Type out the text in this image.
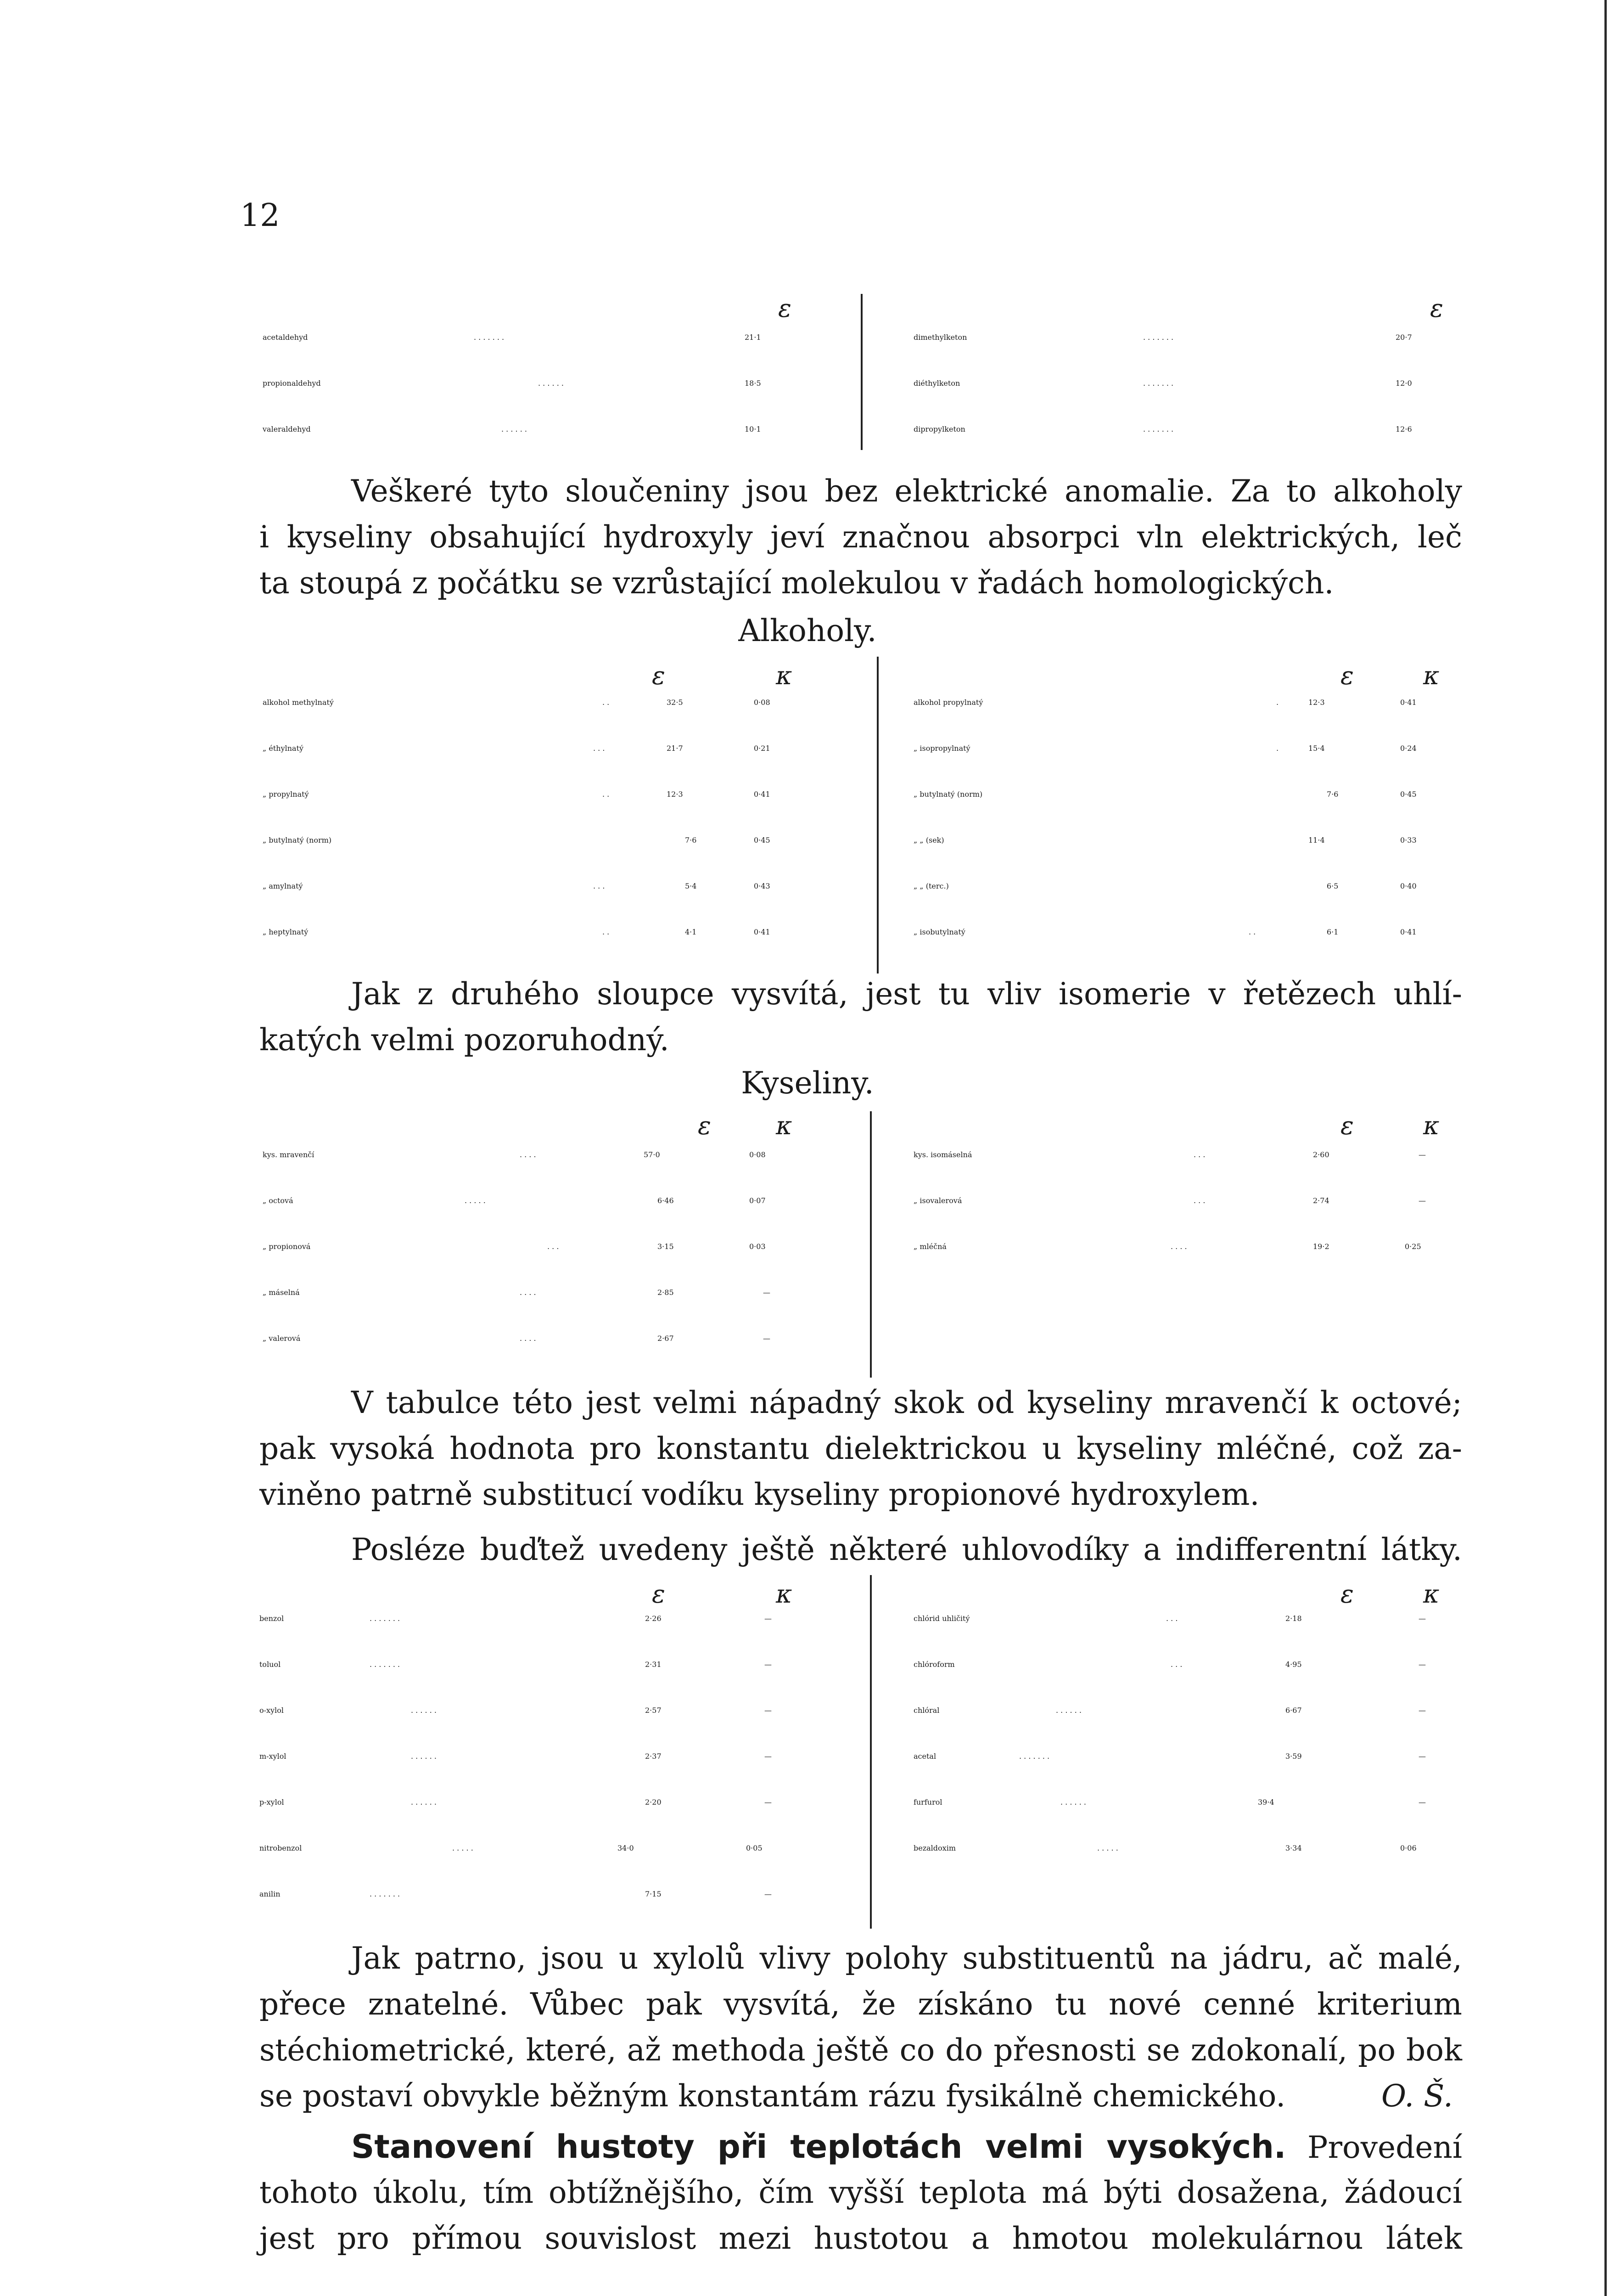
12
ε	ε
acetaldehyd	. . . . . . .	21·1
propionaldehyd	. . . . . .	18·5
valeraldehyd	. . . . . .	10·1
dimethylketon	. . . . . . .	20·7
diéthylketon	. . . . . . .	12·0
dipropylketon	. . . . . . .	12·6
Veškeré tyto sloučeniny jsou bez elektrické anomalie. Za to alkoholy
i kyseliny obsahující hydroxyly jeví značnou absorpci vln elektrických, leč
ta stoupá z počátku se vzrůstající molekulou v řadách homologických.
Alkoholy.
ε	κ	ε	κ
alkohol methylnatý	. .	32·5	0·08
„ éthylnatý	. . .	21·7	0·21
„ propylnatý	. .	12·3	0·41
„ butylnatý (norm)	7·6	0·45
„ amylnatý	. . .	5·4	0·43
„ heptylnatý	. .	4·1	0·41
alkohol propylnatý	.	12·3	0·41
„ isopropylnatý	.	15·4	0·24
„ butylnatý (norm)	7·6	0·45
„ „ (sek)	11·4	0·33
„ „ (terc.)	6·5	0·40
„ isobutylnatý	. .	6·1	0·41
Jak z druhého sloupce vysvítá, jest tu vliv isomerie v řetězech uhlí-
katých velmi pozoruhodný.
Kyseliny.
ε	κ	ε	κ
kys. mravenčí	. . . .	57·0	0·08
„ octová	. . . . .	6·46	0·07
„ propionová	. . .	3·15	0·03
„ máselná	. . . .	2·85	—
„ valerová	. . . .	2·67	—
kys. isomáselná	. . .	2·60	—
„ isovalerová	. . .	2·74	—
„ mléčná	. . . .	19·2	0·25
V tabulce této jest velmi nápadný skok od kyseliny mravenčí k octové;
pak vysoká hodnota pro konstantu dielektrickou u kyseliny mléčné, což za-
viněno patrně substitucí vodíku kyseliny propionové hydroxylem.
Posléze buďtež uvedeny ještě některé uhlovodíky a indifferentní látky.
ε	κ	ε	κ
benzol	. . . . . . .	2·26	—
toluol	. . . . . . .	2·31	—
o-xylol	. . . . . .	2·57	—
m-xylol	. . . . . .	2·37	—
p-xylol	. . . . . .	2·20	—
nitrobenzol	. . . . .	34·0	0·05
anilin	. . . . . . .	7·15	—
chlórid uhličitý	. . .	2·18	—
chlóroform	. . .	4·95	—
chlóral	. . . . . .	6·67	—
acetal	. . . . . . .	3·59	—
furfurol	. . . . . .	39·4	—
bezaldoxim	. . . . .	3·34	0·06
Jak patrno, jsou u xylolů vlivy polohy substituentů na jádru, ač malé,
přece znatelné. Vůbec pak vysvítá, že získáno tu nové cenné kriterium
stéchiometrické, které, až methoda ještě co do přesnosti se zdokonalí, po bok
se postaví obvykle běžným konstantám rázu fysikálně chemického.	O. Š.
Stanovení hustoty při teplotách velmi vysokých. Provedení
tohoto úkolu, tím obtížnějšího, čím vyšší teplota má býti dosažena, žádoucí
jest pro přímou souvislost mezi hustotou a hmotou molekulárnou látek
